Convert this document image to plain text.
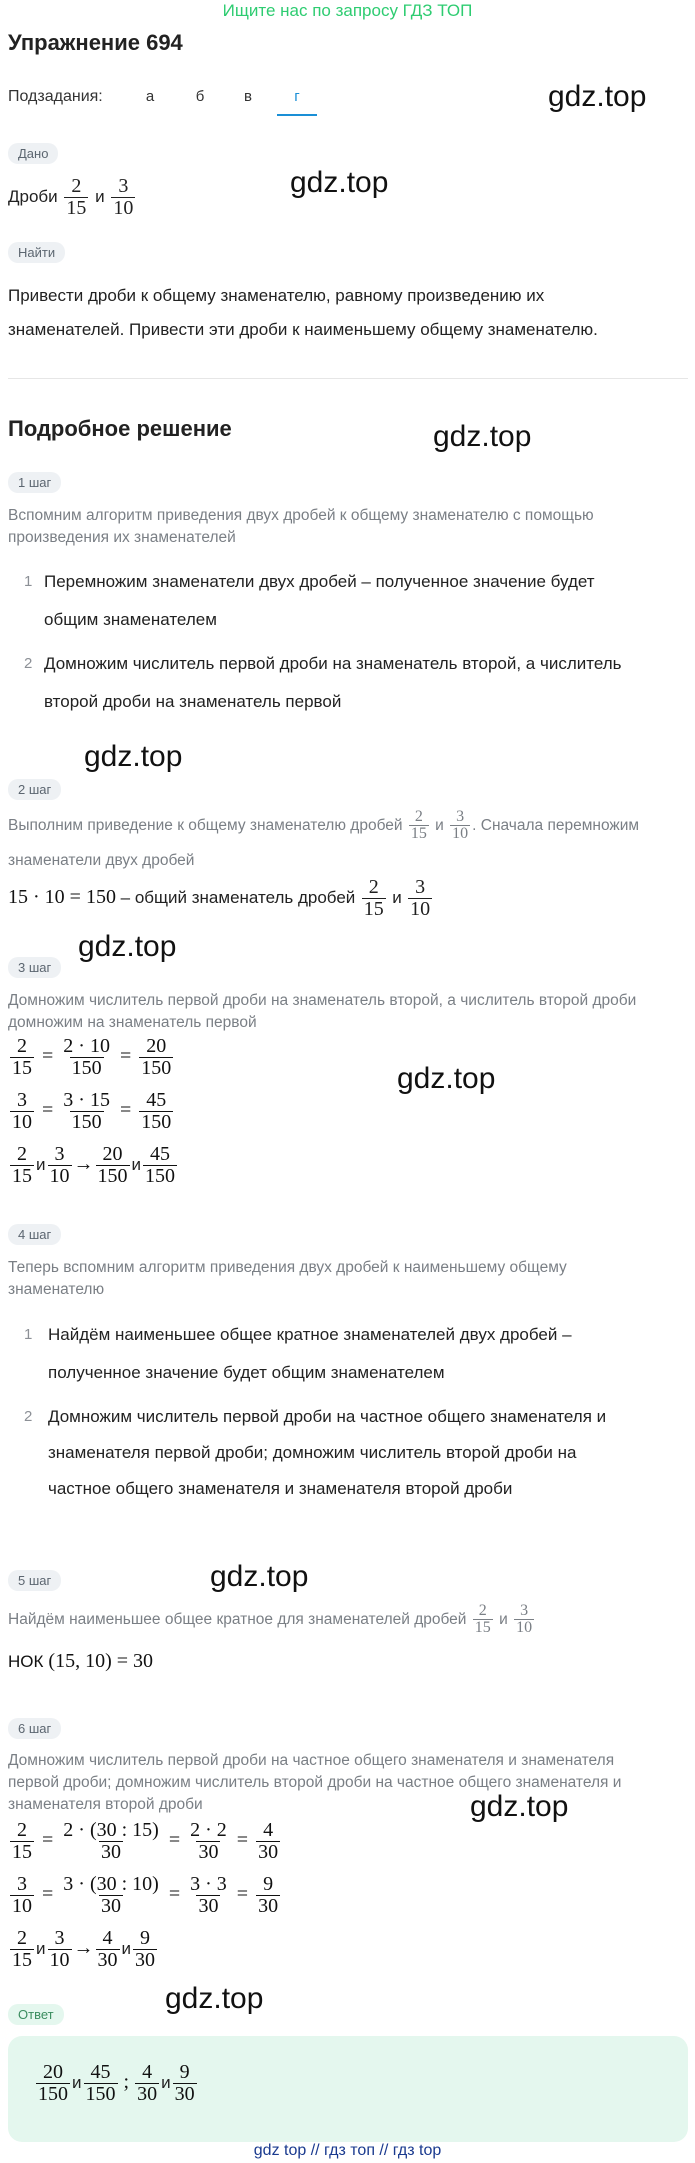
Ищите нас по запросу ГДЗ ТОП
Упражнение 694
Подзадания:	а	б	в	г	gdz.top
gdz.top
gdz.top
gdz.top
gdz.top
gdz.top
gdz.top
gdz.top
gdz.top
Дано
Дроби $\frac{2}{15}$ и $\frac{3}{10}$
Найти
Привести дроби к общему знаменателю, равному произведению их
знаменателей. Привести эти дроби к наименьшему общему знаменателю.
Подробное решение
1 шаг
Вспомним алгоритм приведения двух дробей к общему знаменателю с помощью
произведения их знаменателей
1 Перемножим знаменатели двух дробей – полученное значение будет
общим знаменателем
2 Домножим числитель первой дроби на знаменатель второй, а числитель
второй дроби на знаменатель первой
2 шаг
Выполним приведение к общему знаменателю дробей $\frac{2}{15}$ и $\frac{3}{10}$ . Сначала перемножим
знаменатели двух дробей
15 · 10 = 150 – общий знаменатель дробей $\frac{2}{15}$ и $\frac{3}{10}$
3 шаг
Домножим числитель первой дроби на знаменатель второй, а числитель второй дроби
домножим на знаменатель первой
$\frac{2}{15} = \frac{2 \cdot 10}{150} = \frac{20}{150}$
$\frac{3}{10} = \frac{3 \cdot 15}{150} = \frac{45}{150}$
$\frac{2}{15}$ и $\frac{3}{10} \to \frac{20}{150}$ и $\frac{45}{150}$
4 шаг
Теперь вспомним алгоритм приведения двух дробей к наименьшему общему
знаменателю
1 Найдём наименьшее общее кратное знаменателей двух дробей –
полученное значение будет общим знаменателем
2 Домножим числитель первой дроби на частное общего знаменателя и
знаменателя первой дроби; домножим числитель второй дроби на
частное общего знаменателя и знаменателя второй дроби
5 шаг
Найдём наименьшее общее кратное для знаменателей дробей $\frac{2}{15}$ и $\frac{3}{10}$
НОК (15, 10) = 30
6 шаг
Домножим числитель первой дроби на частное общего знаменателя и знаменателя
первой дроби; домножим числитель второй дроби на частное общего знаменателя и
знаменателя второй дроби
$\frac{2}{15} = \frac{2 \cdot (30 : 15)}{30} = \frac{2 \cdot 2}{30} = \frac{4}{30}$
$\frac{3}{10} = \frac{3 \cdot (30 : 10)}{30} = \frac{3 \cdot 3}{30} = \frac{9}{30}$
$\frac{2}{15}$ и $\frac{3}{10} \to \frac{4}{30}$ и $\frac{9}{30}$
Ответ
$\frac{20}{150}$ и $\frac{45}{150}$ ; $\frac{4}{30}$ и $\frac{9}{30}$
gdz top // гдз топ // гдз top
